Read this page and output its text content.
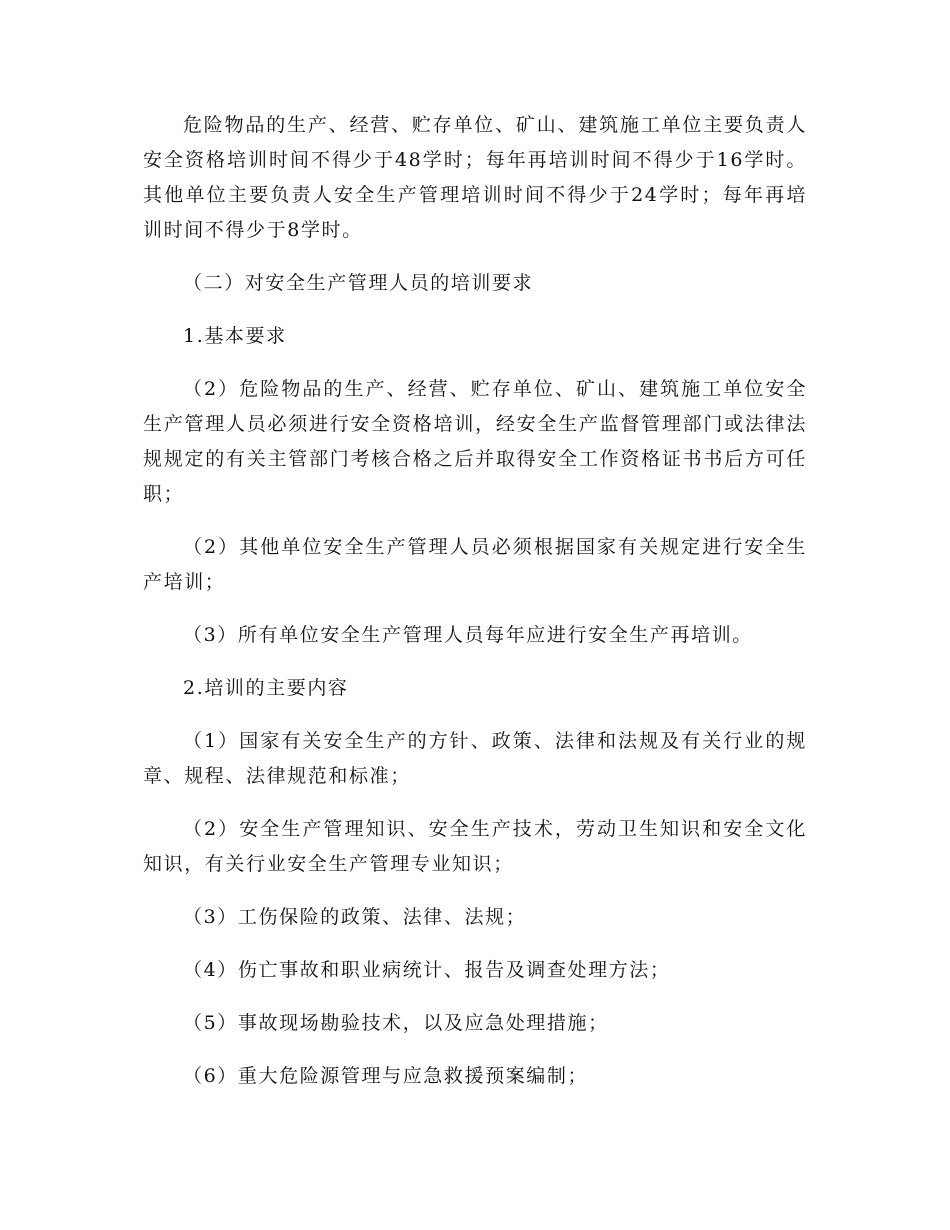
危险物品的生产、经营、贮存单位、矿山、建筑施工单位主要负责人安全资格培训时间不得少于48学时；每年再培训时间不得少于16学时。其他单位主要负责人安全生产管理培训时间不得少于24学时；每年再培训时间不得少于8学时。

（二）对安全生产管理人员的培训要求

1.基本要求

（2）危险物品的生产、经营、贮存单位、矿山、建筑施工单位安全生产管理人员必须进行安全资格培训，经安全生产监督管理部门或法律法规规定的有关主管部门考核合格之后并取得安全工作资格证书书后方可任职；

（2）其他单位安全生产管理人员必须根据国家有关规定进行安全生产培训；

（3）所有单位安全生产管理人员每年应进行安全生产再培训。

2.培训的主要内容

（1）国家有关安全生产的方针、政策、法律和法规及有关行业的规章、规程、法律规范和标准；

（2）安全生产管理知识、安全生产技术，劳动卫生知识和安全文化知识，有关行业安全生产管理专业知识；

（3）工伤保险的政策、法律、法规；

（4）伤亡事故和职业病统计、报告及调查处理方法；

（5）事故现场勘验技术，以及应急处理措施；

（6）重大危险源管理与应急救援预案编制；
